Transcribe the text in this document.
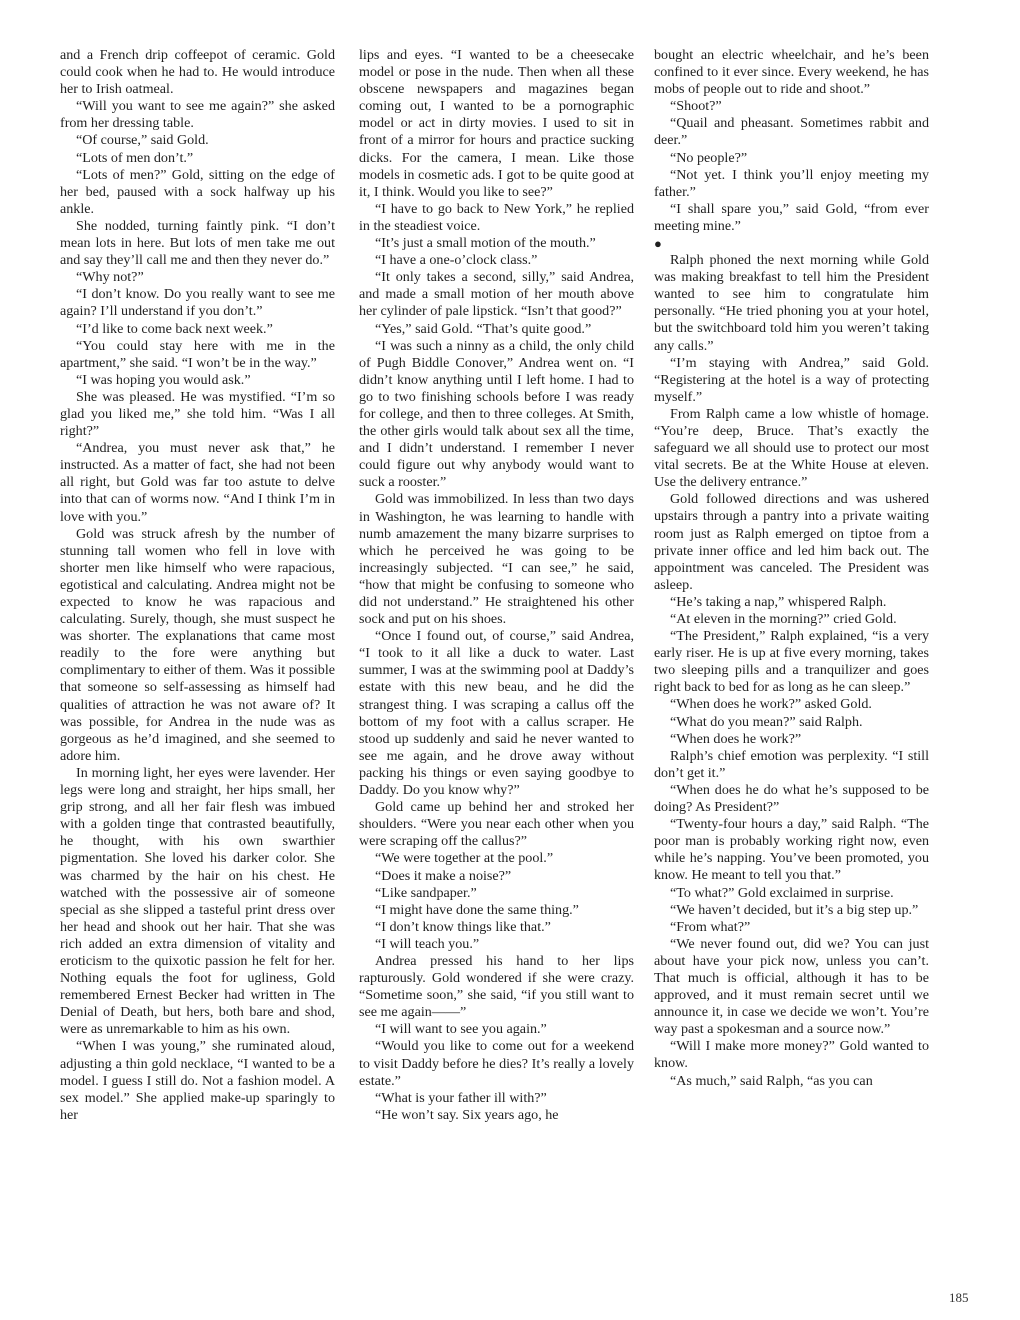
and a French drip coffeepot of ceramic. Gold could cook when he had to. He would introduce her to Irish oatmeal.

“Will you want to see me again?” she asked from her dressing table.

“Of course,” said Gold.

“Lots of men don’t.”

“Lots of men?” Gold, sitting on the edge of her bed, paused with a sock halfway up his ankle.

She nodded, turning faintly pink. “I don’t mean lots in here. But lots of men take me out and say they’ll call me and then they never do.”

“Why not?”

“I don’t know. Do you really want to see me again? I’ll understand if you don’t.”

“I’d like to come back next week.”

“You could stay here with me in the apartment,” she said. “I won’t be in the way.”

“I was hoping you would ask.”

She was pleased. He was mystified. “I’m so glad you liked me,” she told him. “Was I all right?”

“Andrea, you must never ask that,” he instructed. As a matter of fact, she had not been all right, but Gold was far too astute to delve into that can of worms now. “And I think I’m in love with you.”

Gold was struck afresh by the number of stunning tall women who fell in love with shorter men like himself who were rapacious, egotistical and calculating. Andrea might not be expected to know he was rapacious and calculating. Surely, though, she must suspect he was shorter. The explanations that came most readily to the fore were anything but complimentary to either of them. Was it possible that someone so self-assessing as himself had qualities of attraction he was not aware of? It was possible, for Andrea in the nude was as gorgeous as he’d imagined, and she seemed to adore him.

In morning light, her eyes were lavender. Her legs were long and straight, her hips small, her grip strong, and all her fair flesh was imbued with a golden tinge that contrasted beautifully, he thought, with his own swarthier pigmentation. She loved his darker color. She was charmed by the hair on his chest. He watched with the possessive air of someone special as she slipped a tasteful print dress over her head and shook out her hair. That she was rich added an extra dimension of vitality and eroticism to the quixotic passion he felt for her. Nothing equals the foot for ugliness, Gold remembered Ernest Becker had written in The Denial of Death, but hers, both bare and shod, were as unremarkable to him as his own.

“When I was young,” she ruminated aloud, adjusting a thin gold necklace, “I wanted to be a model. I guess I still do. Not a fashion model. A sex model.” She applied make-up sparingly to her

lips and eyes. “I wanted to be a cheesecake model or pose in the nude. Then when all these obscene newspapers and magazines began coming out, I wanted to be a pornographic model or act in dirty movies. I used to sit in front of a mirror for hours and practice sucking dicks. For the camera, I mean. Like those models in cosmetic ads. I got to be quite good at it, I think. Would you like to see?”

“I have to go back to New York,” he replied in the steadiest voice.

“It’s just a small motion of the mouth.”

“I have a one-o’clock class.”

“It only takes a second, silly,” said Andrea, and made a small motion of her mouth above her cylinder of pale lipstick. “Isn’t that good?”

“Yes,” said Gold. “That’s quite good.”

“I was such a ninny as a child, the only child of Pugh Biddle Conover,” Andrea went on. “I didn’t know anything until I left home. I had to go to two finishing schools before I was ready for college, and then to three colleges. At Smith, the other girls would talk about sex all the time, and I didn’t understand. I remember I never could figure out why anybody would want to suck a rooster.”

Gold was immobilized. In less than two days in Washington, he was learning to handle with numb amazement the many bizarre surprises to which he perceived he was going to be increasingly subjected. “I can see,” he said, “how that might be confusing to someone who did not understand.” He straightened his other sock and put on his shoes.

“Once I found out, of course,” said Andrea, “I took to it all like a duck to water. Last summer, I was at the swimming pool at Daddy’s estate with this new beau, and he did the strangest thing. I was scraping a callus off the bottom of my foot with a callus scraper. He stood up suddenly and said he never wanted to see me again, and he drove away without packing his things or even saying goodbye to Daddy. Do you know why?”

Gold came up behind her and stroked her shoulders. “Were you near each other when you were scraping off the callus?”

“We were together at the pool.”

“Does it make a noise?”

“Like sandpaper.”

“I might have done the same thing.”

“I don’t know things like that.”

“I will teach you.”

Andrea pressed his hand to her lips rapturously. Gold wondered if she were crazy. “Sometime soon,” she said, “if you still want to see me again——”

“I will want to see you again.”

“Would you like to come out for a weekend to visit Daddy before he dies? It’s really a lovely estate.”

“What is your father ill with?”

“He won’t say. Six years ago, he

bought an electric wheelchair, and he’s been confined to it ever since. Every weekend, he has mobs of people out to ride and shoot.”

“Shoot?”

“Quail and pheasant. Sometimes rabbit and deer.”

“No people?”

“Not yet. I think you’ll enjoy meeting my father.”

“I shall spare you,” said Gold, “from ever meeting mine.”

●

Ralph phoned the next morning while Gold was making breakfast to tell him the President wanted to see him to congratulate him personally. “He tried phoning you at your hotel, but the switchboard told him you weren’t taking any calls.”

“I’m staying with Andrea,” said Gold. “Registering at the hotel is a way of protecting myself.”

From Ralph came a low whistle of homage. “You’re deep, Bruce. That’s exactly the safeguard we all should use to protect our most vital secrets. Be at the White House at eleven. Use the delivery entrance.”

Gold followed directions and was ushered upstairs through a pantry into a private waiting room just as Ralph emerged on tiptoe from a private inner office and led him back out. The appointment was canceled. The President was asleep.

“He’s taking a nap,” whispered Ralph.

“At eleven in the morning?” cried Gold.

“The President,” Ralph explained, “is a very early riser. He is up at five every morning, takes two sleeping pills and a tranquilizer and goes right back to bed for as long as he can sleep.”

“When does he work?” asked Gold.

“What do you mean?” said Ralph.

“When does he work?”

Ralph’s chief emotion was perplexity. “I still don’t get it.”

“When does he do what he’s supposed to be doing? As President?”

“Twenty-four hours a day,” said Ralph. “The poor man is probably working right now, even while he’s napping. You’ve been promoted, you know. He meant to tell you that.”

“To what?” Gold exclaimed in surprise.

“We haven’t decided, but it’s a big step up.”

“From what?”

“We never found out, did we? You can just about have your pick now, unless you can’t. That much is official, although it has to be approved, and it must remain secret until we announce it, in case we decide we won’t. You’re way past a spokesman and a source now.”

“Will I make more money?” Gold wanted to know.

“As much,” said Ralph, “as you can

185
